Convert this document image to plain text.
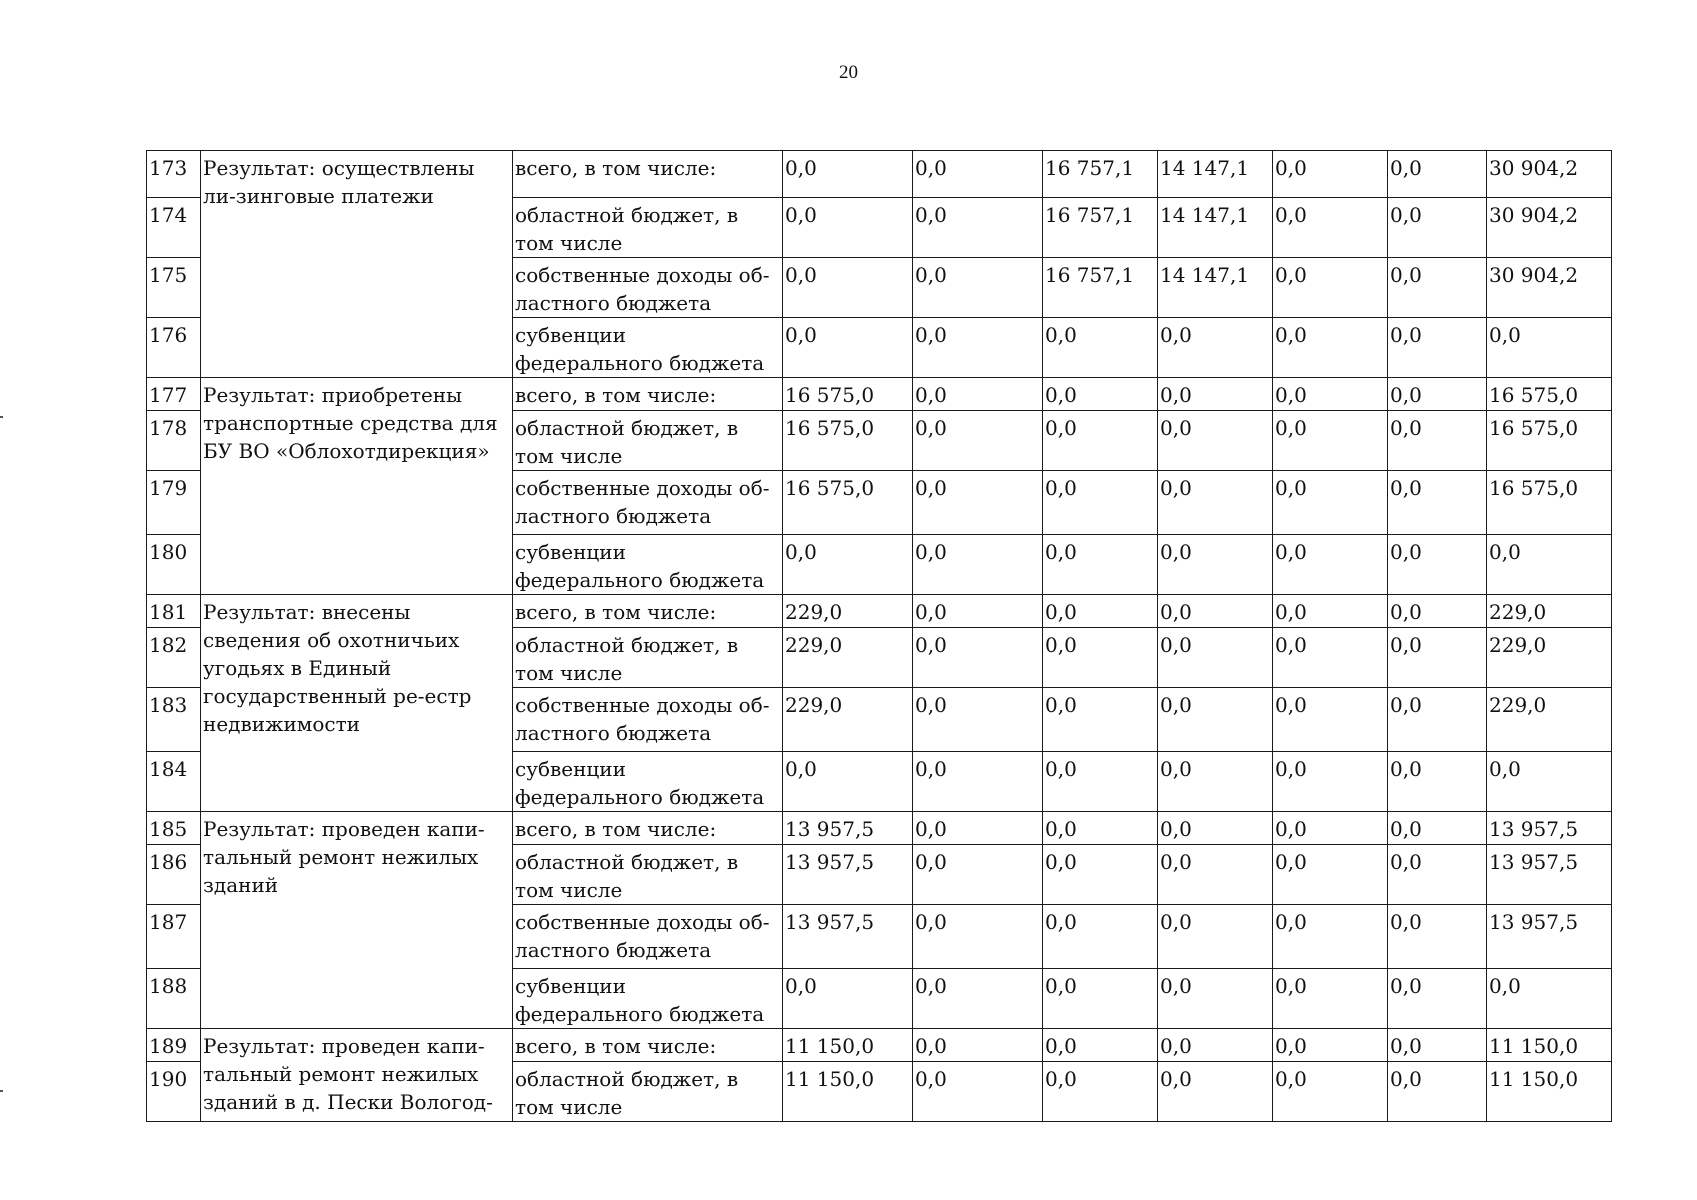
20
173	Результат: осуществлены ли-зинговые платежи	всего, в том числе:	0,0	0,0	16 757,1	14 147,1	0,0	0,0	30 904,2
174		областной бюджет, в том числе	0,0	0,0	16 757,1	14 147,1	0,0	0,0	30 904,2
175		собственные доходы об-ластного бюджета	0,0	0,0	16 757,1	14 147,1	0,0	0,0	30 904,2
176		субвенции федерального бюджета	0,0	0,0	0,0	0,0	0,0	0,0	0,0
177	Результат: приобретены транспортные средства для БУ ВО «Облохотдирекция»	всего, в том числе:	16 575,0	0,0	0,0	0,0	0,0	0,0	16 575,0
178		областной бюджет, в том числе	16 575,0	0,0	0,0	0,0	0,0	0,0	16 575,0
179		собственные доходы об-ластного бюджета	16 575,0	0,0	0,0	0,0	0,0	0,0	16 575,0
180		субвенции федерального бюджета	0,0	0,0	0,0	0,0	0,0	0,0	0,0
181	Результат: внесены сведения об охотничьих угодьях в Единый государственный ре-естр недвижимости	всего, в том числе:	229,0	0,0	0,0	0,0	0,0	0,0	229,0
182		областной бюджет, в том числе	229,0	0,0	0,0	0,0	0,0	0,0	229,0
183		собственные доходы об-ластного бюджета	229,0	0,0	0,0	0,0	0,0	0,0	229,0
184		субвенции федерального бюджета	0,0	0,0	0,0	0,0	0,0	0,0	0,0
185	Результат: проведен капи-тальный ремонт нежилых зданий	всего, в том числе:	13 957,5	0,0	0,0	0,0	0,0	0,0	13 957,5
186		областной бюджет, в том числе	13 957,5	0,0	0,0	0,0	0,0	0,0	13 957,5
187		собственные доходы об-ластного бюджета	13 957,5	0,0	0,0	0,0	0,0	0,0	13 957,5
188		субвенции федерального бюджета	0,0	0,0	0,0	0,0	0,0	0,0	0,0
189	Результат: проведен капи-тальный ремонт нежилых зданий в д. Пески Вологод-	всего, в том числе:	11 150,0	0,0	0,0	0,0	0,0	0,0	11 150,0
190		областной бюджет, в том числе	11 150,0	0,0	0,0	0,0	0,0	0,0	11 150,0
